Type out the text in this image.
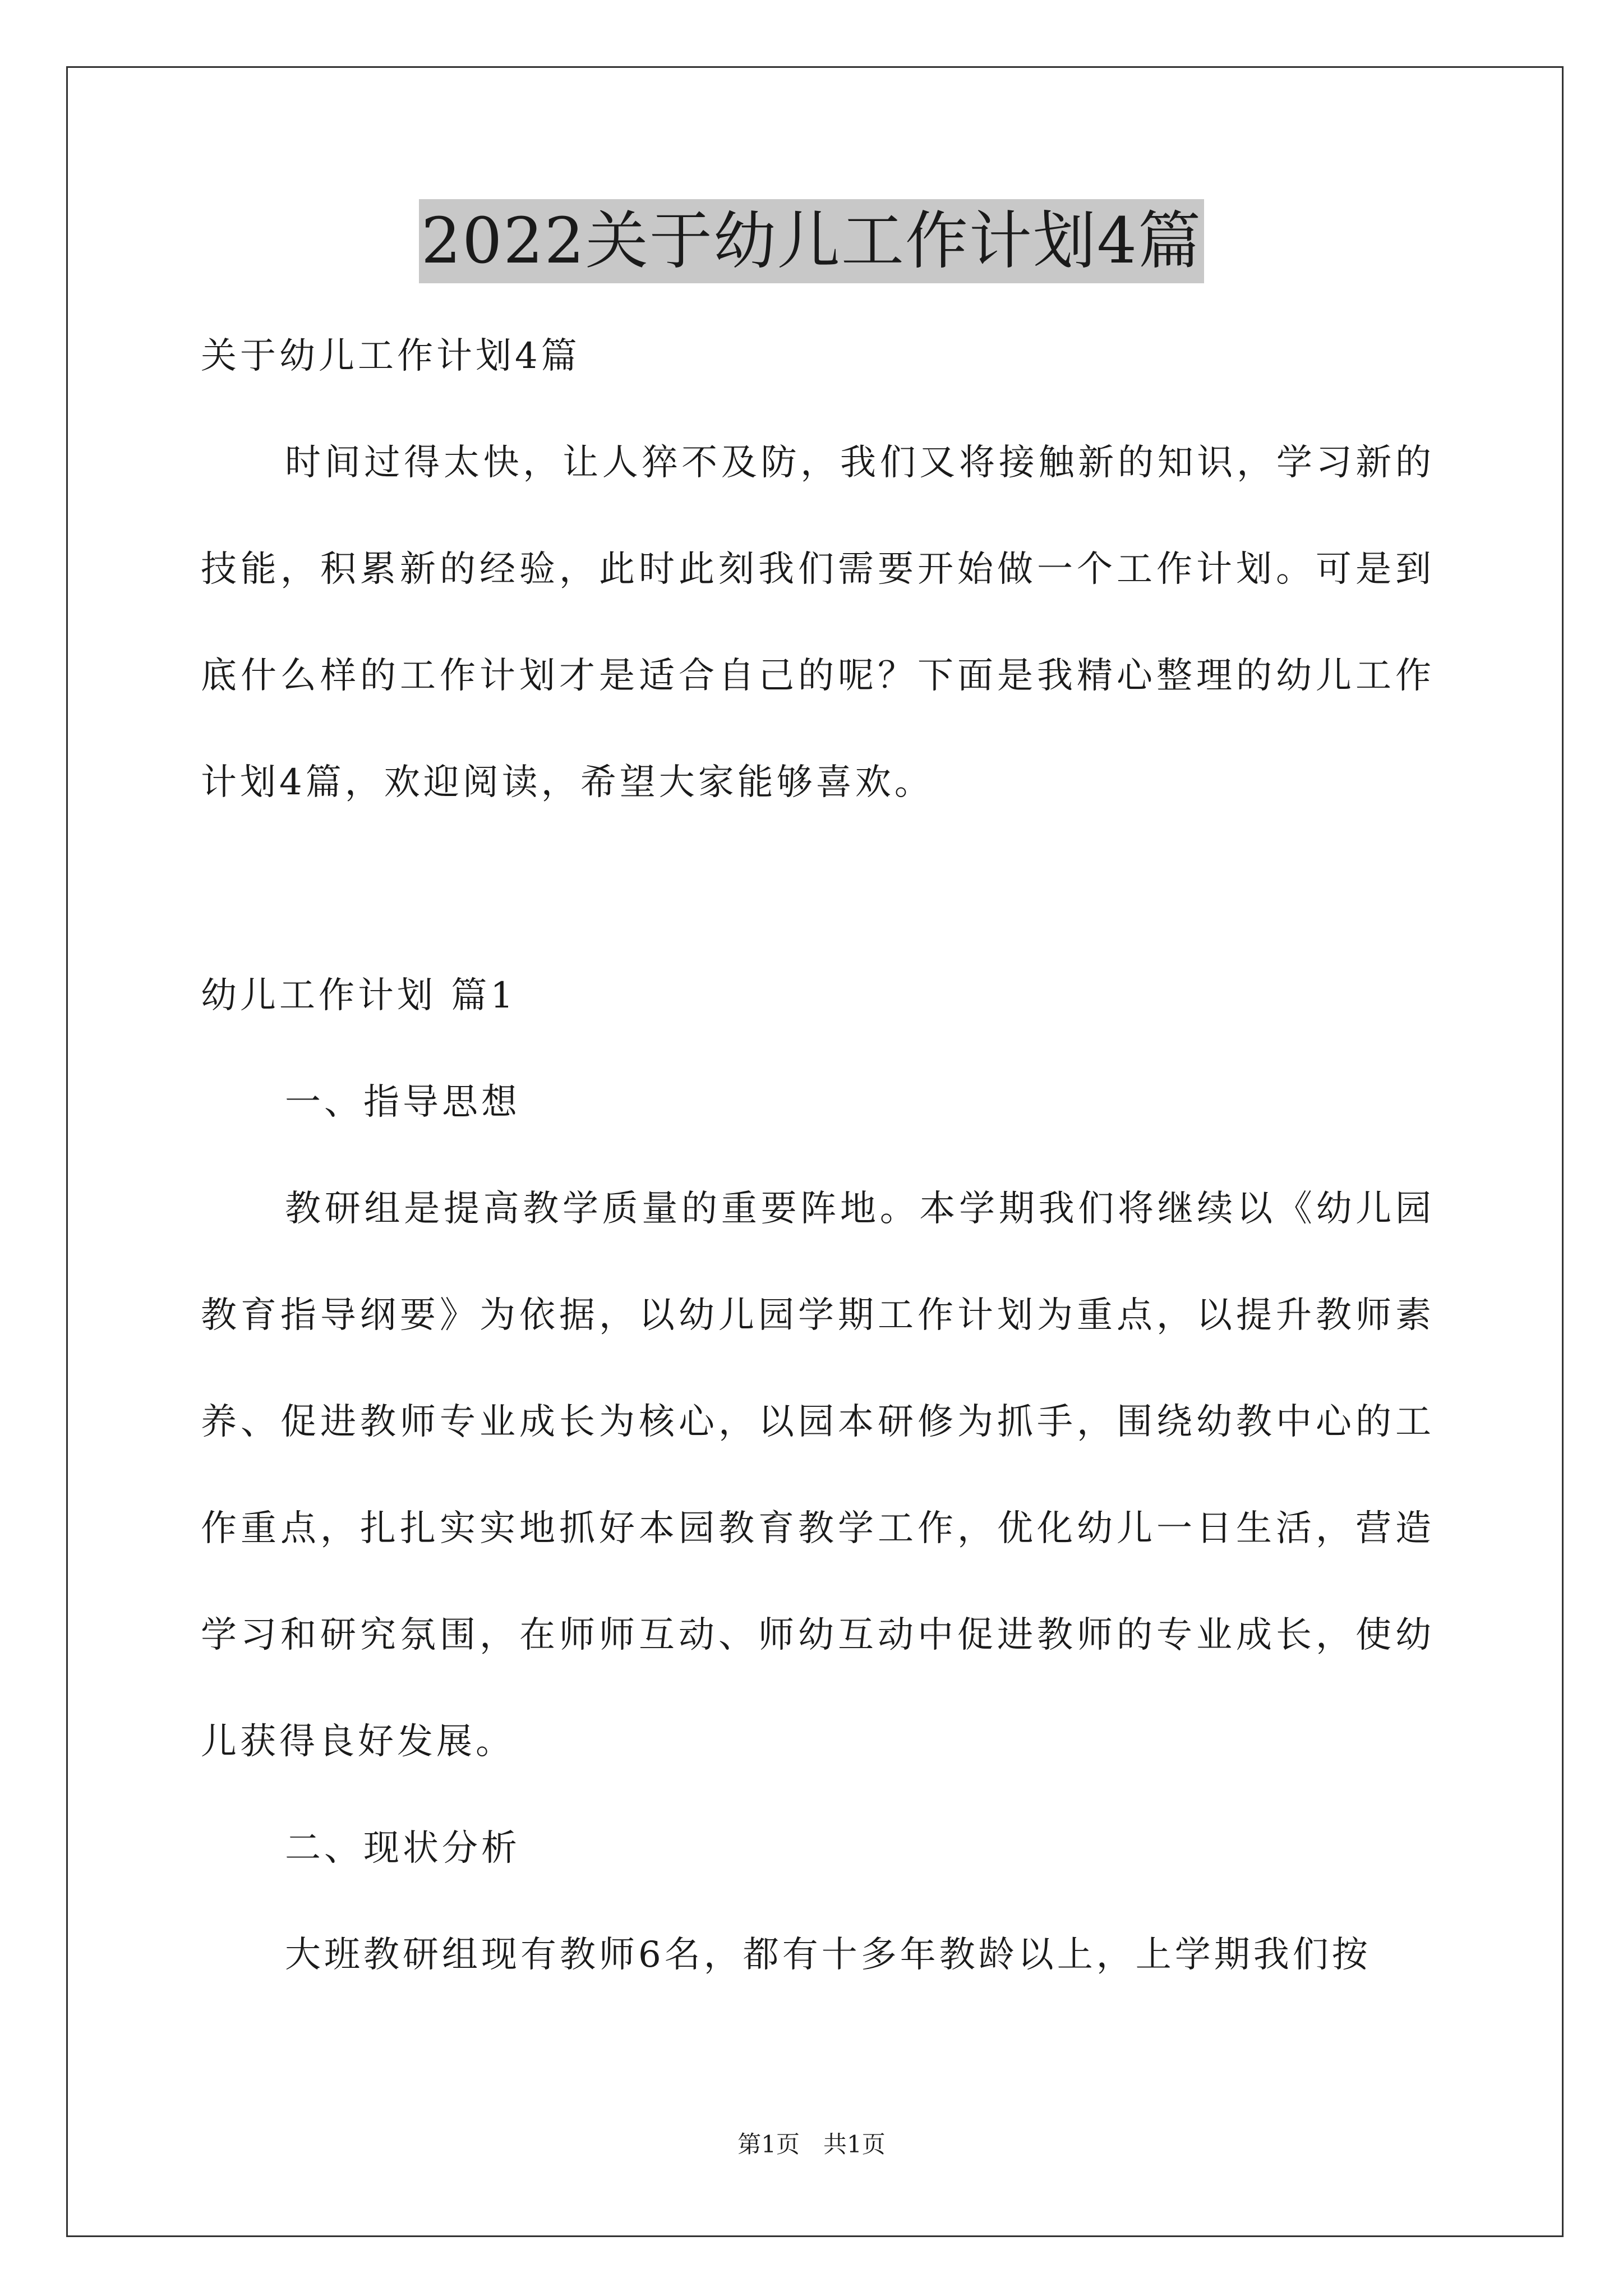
2022关于幼儿工作计划4篇

关于幼儿工作计划4篇

时间过得太快，让人猝不及防，我们又将接触新的知识，学习新的技能，积累新的经验，此时此刻我们需要开始做一个工作计划。可是到底什么样的工作计划才是适合自己的呢？下面是我精心整理的幼儿工作计划4篇，欢迎阅读，希望大家能够喜欢。

幼儿工作计划 篇1

一、指导思想

教研组是提高教学质量的重要阵地。本学期我们将继续以《幼儿园教育指导纲要》为依据，以幼儿园学期工作计划为重点，以提升教师素养、促进教师专业成长为核心，以园本研修为抓手，围绕幼教中心的工作重点，扎扎实实地抓好本园教育教学工作，优化幼儿一日生活，营造学习和研究氛围，在师师互动、师幼互动中促进教师的专业成长，使幼儿获得良好发展。

二、现状分析

大班教研组现有教师6名，都有十多年教龄以上，上学期我们按

第1页　共1页
